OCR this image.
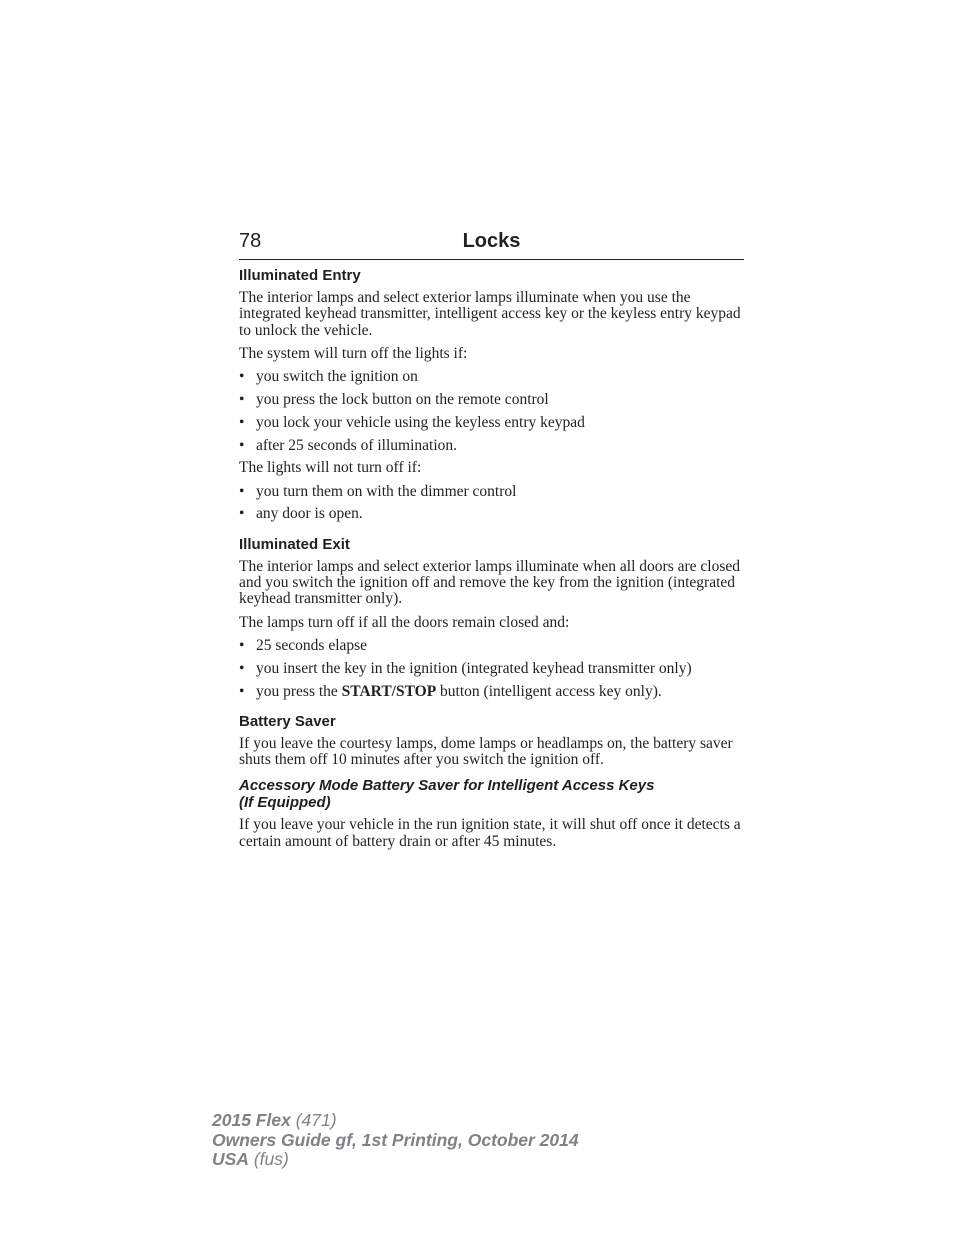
78	Locks
Illuminated Entry

The interior lamps and select exterior lamps illuminate when you use the integrated keyhead transmitter, intelligent access key or the keyless entry keypad to unlock the vehicle.

The system will turn off the lights if:

• you switch the ignition on
• you press the lock button on the remote control
• you lock your vehicle using the keyless entry keypad
• after 25 seconds of illumination.

The lights will not turn off if:

• you turn them on with the dimmer control
• any door is open.
Illuminated Exit

The interior lamps and select exterior lamps illuminate when all doors are closed and you switch the ignition off and remove the key from the ignition (integrated keyhead transmitter only).

The lamps turn off if all the doors remain closed and:

• 25 seconds elapse
• you insert the key in the ignition (integrated keyhead transmitter only)
• you press the START/STOP button (intelligent access key only).
Battery Saver

If you leave the courtesy lamps, dome lamps or headlamps on, the battery saver shuts them off 10 minutes after you switch the ignition off.

Accessory Mode Battery Saver for Intelligent Access Keys
(If Equipped)

If you leave your vehicle in the run ignition state, it will shut off once it detects a certain amount of battery drain or after 45 minutes.

2015 Flex (471)
Owners Guide gf, 1st Printing, October 2014
USA (fus)
